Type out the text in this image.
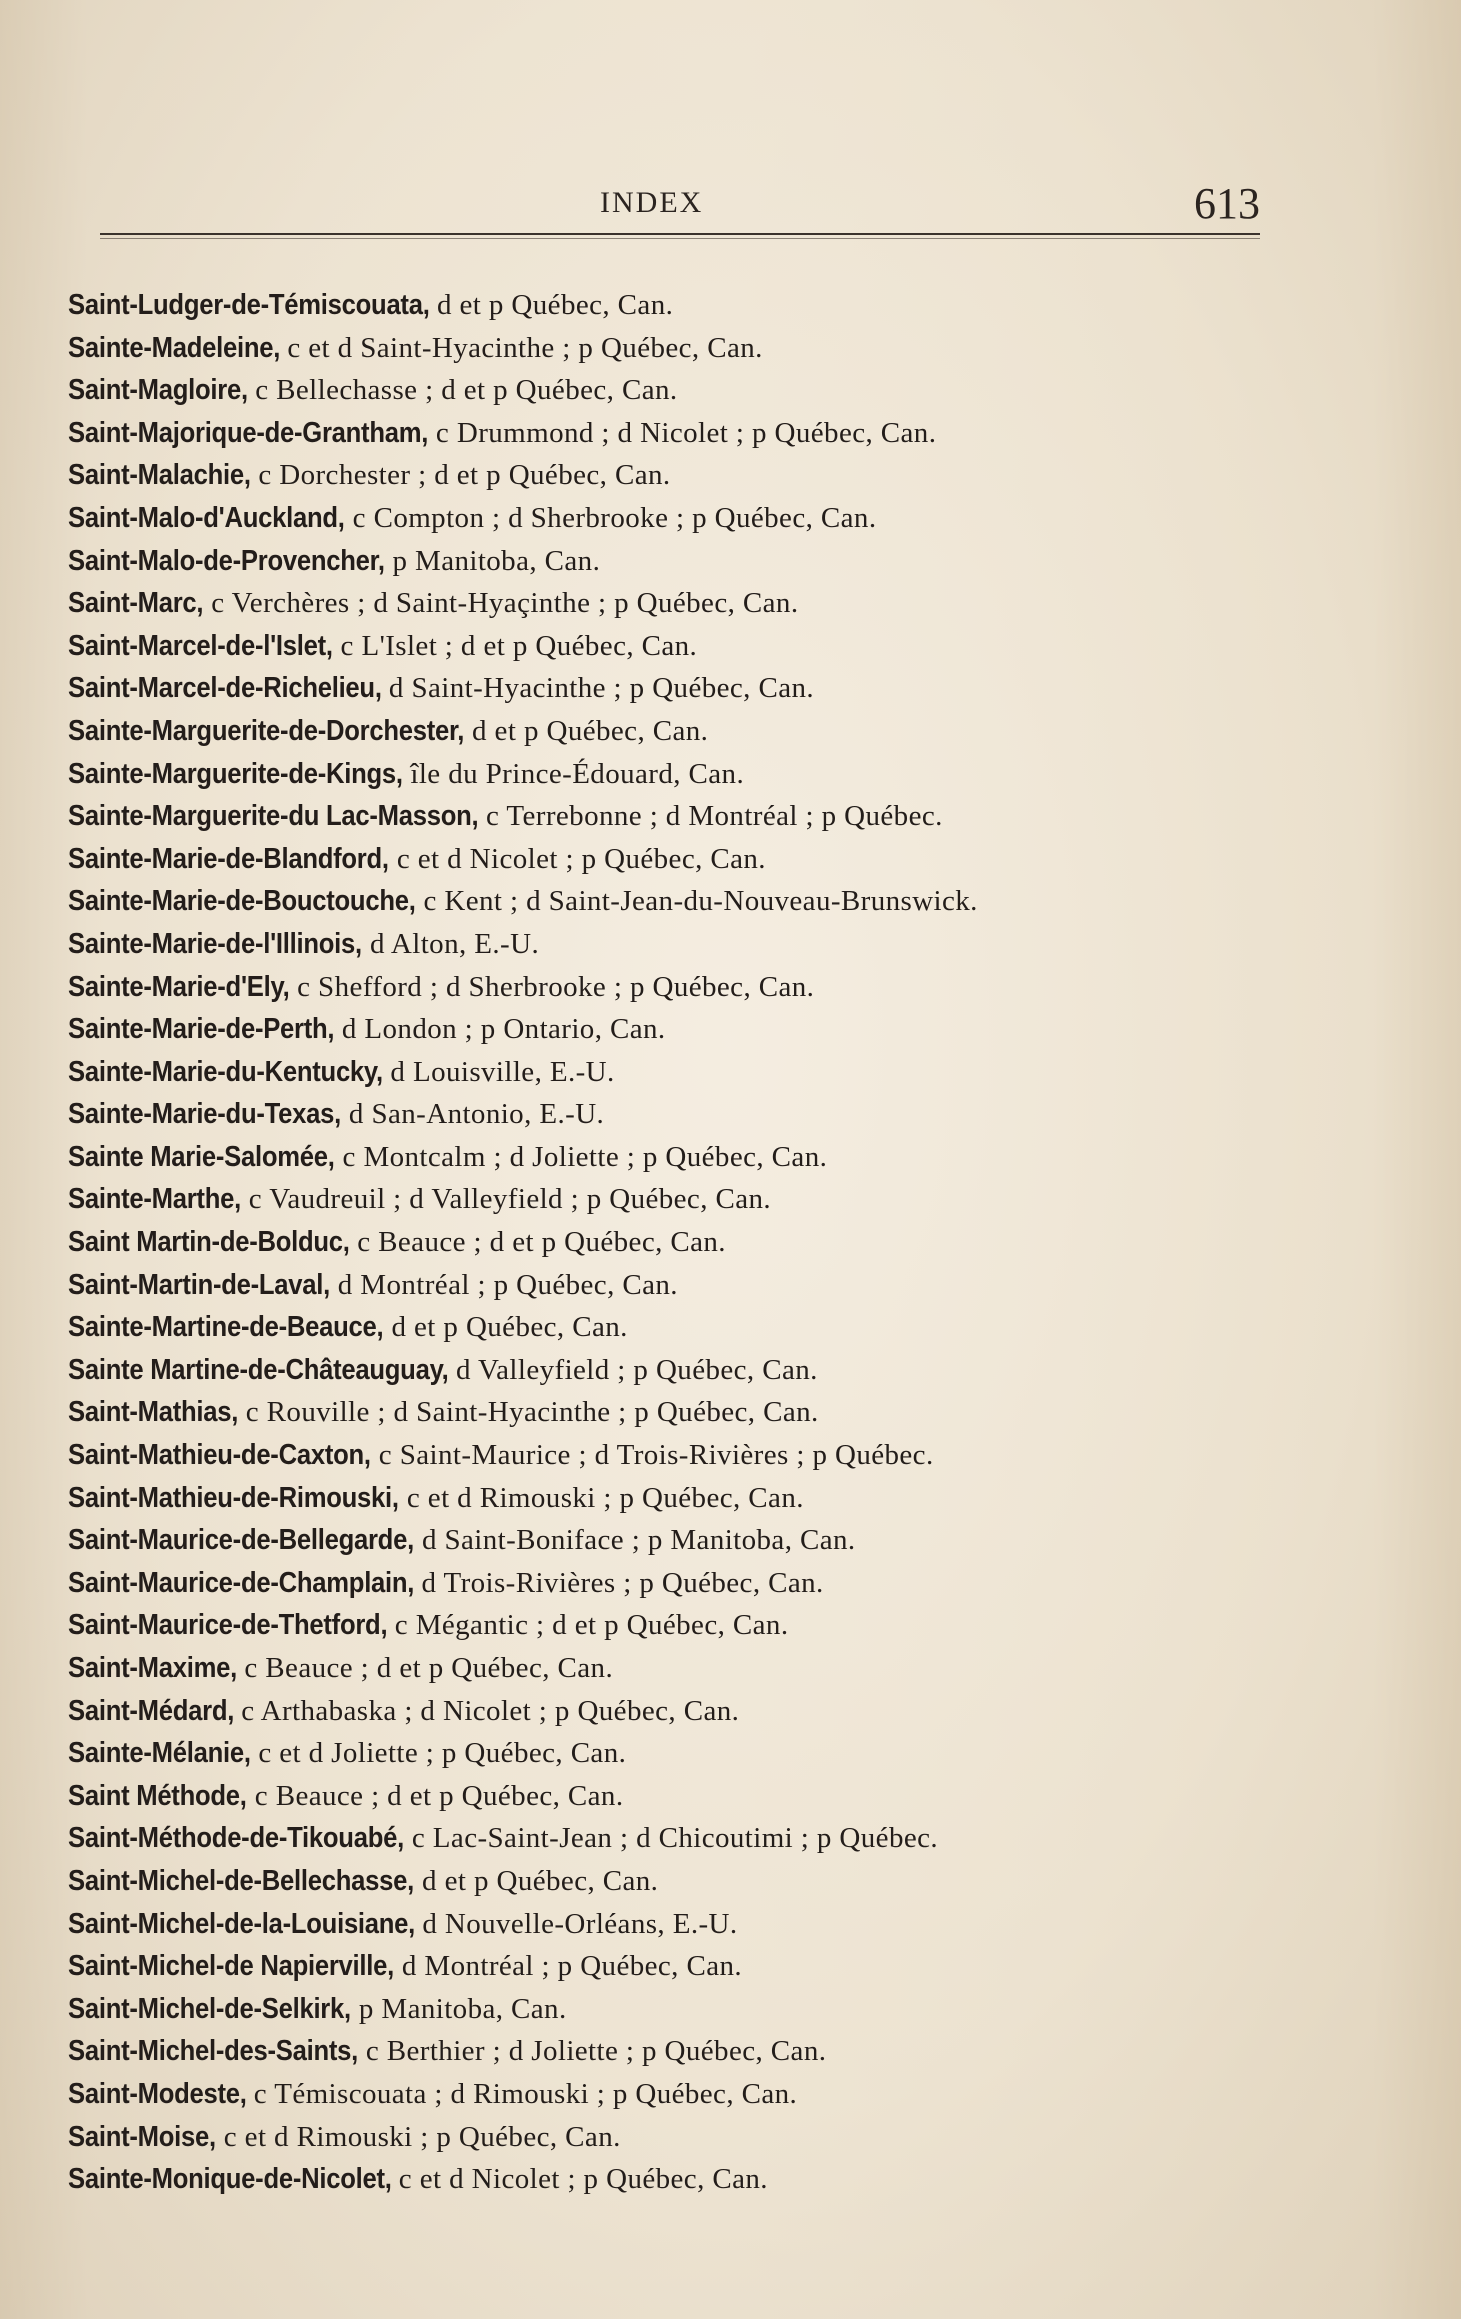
INDEX	613
Saint-Ludger-de-Témiscouata, d et p Québec, Can.
Sainte-Madeleine, c et d Saint-Hyacinthe ; p Québec, Can.
Saint-Magloire, c Bellechasse ; d et p Québec, Can.
Saint-Majorique-de-Grantham, c Drummond ; d Nicolet ; p Québec, Can.
Saint-Malachie, c Dorchester ; d et p Québec, Can.
Saint-Malo-d'Auckland, c Compton ; d Sherbrooke ; p Québec, Can.
Saint-Malo-de-Provencher, p Manitoba, Can.
Saint-Marc, c Verchères ; d Saint-Hyaçinthe ; p Québec, Can.
Saint-Marcel-de-l'Islet, c L'Islet ; d et p Québec, Can.
Saint-Marcel-de-Richelieu, d Saint-Hyacinthe ; p Québec, Can.
Sainte-Marguerite-de-Dorchester, d et p Québec, Can.
Sainte-Marguerite-de-Kings, île du Prince-Édouard, Can.
Sainte-Marguerite-du Lac-Masson, c Terrebonne ; d Montréal ; p Québec.
Sainte-Marie-de-Blandford, c et d Nicolet ; p Québec, Can.
Sainte-Marie-de-Bouctouche, c Kent ; d Saint-Jean-du-Nouveau-Brunswick.
Sainte-Marie-de-l'Illinois, d Alton, E.-U.
Sainte-Marie-d'Ely, c Shefford ; d Sherbrooke ; p Québec, Can.
Sainte-Marie-de-Perth, d London ; p Ontario, Can.
Sainte-Marie-du-Kentucky, d Louisville, E.-U.
Sainte-Marie-du-Texas, d San-Antonio, E.-U.
Sainte Marie-Salomée, c Montcalm ; d Joliette ; p Québec, Can.
Sainte-Marthe, c Vaudreuil ; d Valleyfield ; p Québec, Can.
Saint Martin-de-Bolduc, c Beauce ; d et p Québec, Can.
Saint-Martin-de-Laval, d Montréal ; p Québec, Can.
Sainte-Martine-de-Beauce, d et p Québec, Can.
Sainte Martine-de-Châteauguay, d Valleyfield ; p Québec, Can.
Saint-Mathias, c Rouville ; d Saint-Hyacinthe ; p Québec, Can.
Saint-Mathieu-de-Caxton, c Saint-Maurice ; d Trois-Rivières ; p Québec.
Saint-Mathieu-de-Rimouski, c et d Rimouski ; p Québec, Can.
Saint-Maurice-de-Bellegarde, d Saint-Boniface ; p Manitoba, Can.
Saint-Maurice-de-Champlain, d Trois-Rivières ; p Québec, Can.
Saint-Maurice-de-Thetford, c Mégantic ; d et p Québec, Can.
Saint-Maxime, c Beauce ; d et p Québec, Can.
Saint-Médard, c Arthabaska ; d Nicolet ; p Québec, Can.
Sainte-Mélanie, c et d Joliette ; p Québec, Can.
Saint Méthode, c Beauce ; d et p Québec, Can.
Saint-Méthode-de-Tikouabé, c Lac-Saint-Jean ; d Chicoutimi ; p Québec.
Saint-Michel-de-Bellechasse, d et p Québec, Can.
Saint-Michel-de-la-Louisiane, d Nouvelle-Orléans, E.-U.
Saint-Michel-de Napierville, d Montréal ; p Québec, Can.
Saint-Michel-de-Selkirk, p Manitoba, Can.
Saint-Michel-des-Saints, c Berthier ; d Joliette ; p Québec, Can.
Saint-Modeste, c Témiscouata ; d Rimouski ; p Québec, Can.
Saint-Moise, c et d Rimouski ; p Québec, Can.
Sainte-Monique-de-Nicolet, c et d Nicolet ; p Québec, Can.
